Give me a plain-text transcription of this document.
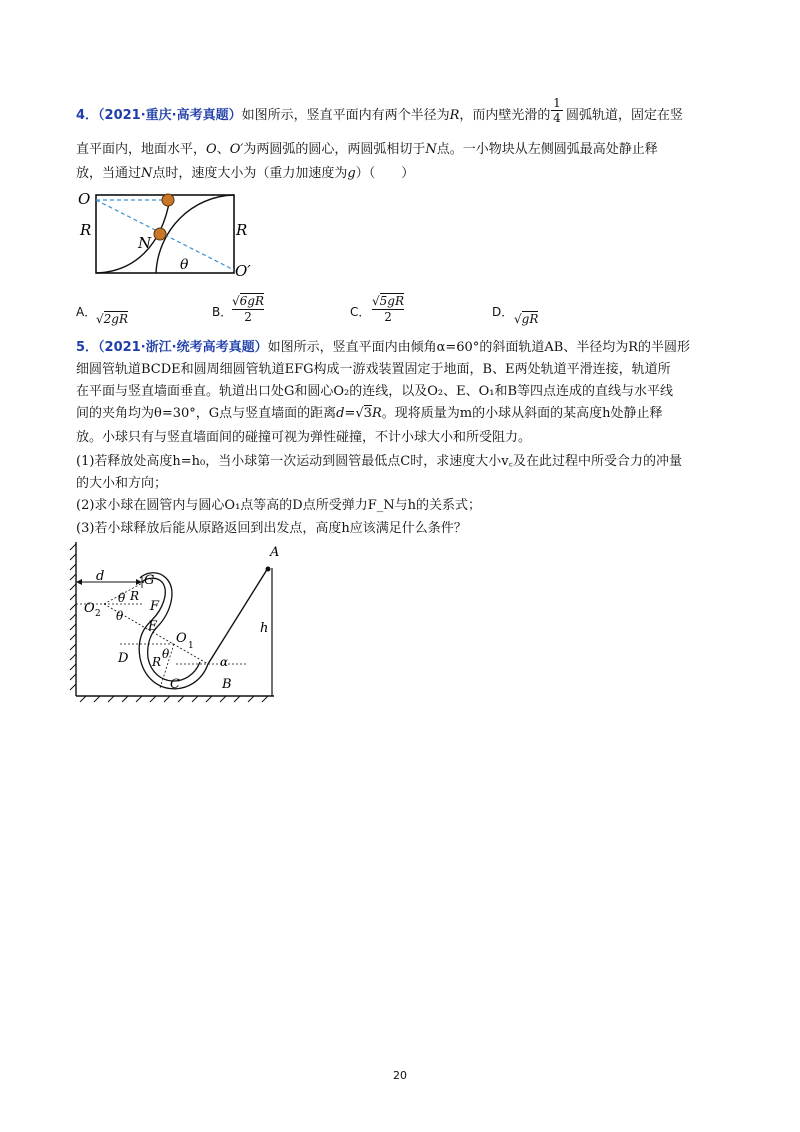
4．（2021·重庆·高考真题）如图所示，竖直平面内有两个半径为R，而内壁光滑的 $\frac{1}{4}$ 圆弧轨道，固定在竖
直平面内，地面水平，O、O′为两圆弧的圆心，两圆弧相切于N点。一小物块从左侧圆弧最高处静止释
放，当通过N点时，速度大小为（重力加速度为g）（　　）
O
R
N
R
θ	O′
A． √2gR	B．
√6gR
2	C．
√5gR
2	D． √gR
5．（2021·浙江·统考高考真题）如图所示，竖直平面内由倾角α=60°的斜面轨道AB、半径均为R的半圆形
细圆管轨道BCDE和圆周细圆管轨道EFG构成一游戏装置固定于地面，B、E两处轨道平滑连接，轨道所
在平面与竖直墙面垂直。轨道出口处G和圆心O₂的连线，以及O₂、E、O₁和B等四点连成的直线与水平线
间的夹角均为θ=30°，G点与竖直墙面的距离d=√3R。现将质量为m的小球从斜面的某高度h处静止释
放。小球只有与竖直墙面间的碰撞可视为弹性碰撞，不计小球大小和所受阻力。
(1)若释放处高度h=h₀，当小球第一次运动到圆管最低点C时，求速度大小v꜀及在此过程中所受合力的冲量
的大小和方向；
(2)求小球在圆管内与圆心O₁点等高的D点所受弹力F_N与h的关系式；
(3)若小球释放后能从原路返回到出发点，高度h应该满足什么条件？
d	G
θ R
F
O 2 θ
E
O 1
D	θ
R	α
C	B
A
h
20
